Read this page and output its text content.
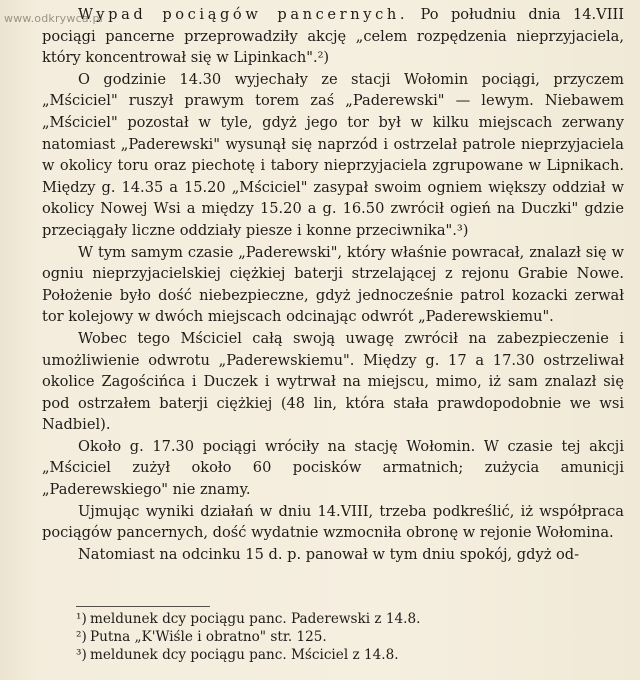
www.odkrywca.pl

Wypad pociągów pancernych. Po południu dnia 14.VIII pociągi pancerne przeprowadziły akcję „celem rozpędzenia nieprzyjaciela, który koncentrował się w Lipinkach".²)

O godzinie 14.30 wyjechały ze stacji Wołomin pociągi, przyczem „Mściciel" ruszył prawym torem zaś „Paderewski" — lewym. Niebawem „Mściciel" pozostał w tyle, gdyż jego tor był w kilku miejscach zerwany natomiast „Paderewski" wysunął się naprzód i ostrzelał patrole nieprzyjaciela w okolicy toru oraz piechotę i tabory nieprzyjaciela zgrupowane w Lipnikach. Między g. 14.35 a 15.20 „Mściciel" zasypał swoim ogniem większy oddział w okolicy Nowej Wsi a między 15.20 a g. 16.50 zwrócił ogień na Duczki" gdzie przeciągały liczne oddziały piesze i konne przeciwnika".³)

W tym samym czasie „Paderewski", który właśnie powracał, znalazł się w ogniu nieprzyjacielskiej ciężkiej baterji strzelającej z rejonu Grabie Nowe. Położenie było dość niebezpieczne, gdyż jednocześnie patrol kozacki zerwał tor kolejowy w dwóch miejscach odcinając odwrót „Paderewskiemu".

Wobec tego Mściciel całą swoją uwagę zwrócił na zabezpieczenie i umożliwienie odwrotu „Paderewskiemu". Między g. 17 a 17.30 ostrzeliwał okolice Zagościńca i Duczek i wytrwał na miejscu, mimo, iż sam znalazł się pod ostrzałem baterji ciężkiej (48 lin, która stała prawdopodobnie we wsi Nadbiel).

Około g. 17.30 pociągi wróciły na stację Wołomin. W czasie tej akcji „Mściciel zużył około 60 pocisków armatnich; zużycia amunicji „Paderewskiego" nie znamy.

Ujmując wyniki działań w dniu 14.VIII, trzeba podkreślić, iż współpraca pociągów pancernych, dość wydatnie wzmocniła obronę w rejonie Wołomina.

Natomiast na odcinku 15 d. p. panował w tym dniu spokój, gdyż od-

¹) meldunek dcy pociągu panc. Paderewski z 14.8.
²) Putna „K'Wiśle i obratno" str. 125.
³) meldunek dcy pociągu panc. Mściciel z 14.8.
